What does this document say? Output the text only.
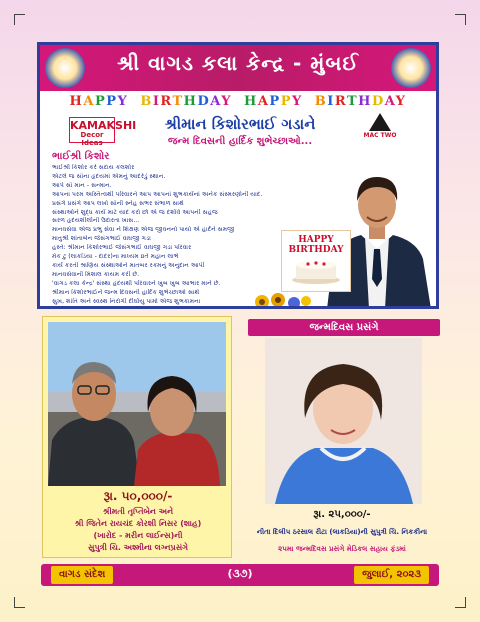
શ્રી વાગડ કલા કેન્દ્ર - મુંબઈ
HAPPY BIRTHDAY HAPPY BIRTHDAY
KAMAKSHI
Decor Ideas
શ્રીમાન કિશોરભાઈ ગડાને
MAC TWO
જન્મ દિવસની હાર્દિક શુભેચ્છાઓ...
ભાઈશ્રી કિશોર
ભાઈશ્રી કિશોર કરે સદાય કલશોર
એટલે જ સૌના હૃદયમાં એમનું આદરેડું સ્થાન.
આપે સૌ માન - સન્માન.
આપના પરમ અસ્તિત્વથી પરિવારને આપ આપનાં શુભકાર્યનાં અનેક સંસ્મરણોની યાદ.
પ્રસંગે પ્રસંગે આપ લખો સૌની સ્નેહ સભર સંભાળ સાથે
સંસ્થાઓને શુદ્ધ કાર્ય માટે યાદ કરો છો એ જ દર્શાવે આપની સહજ
સરળ હૃદયશીલીની ઉદારતા ખાસ...
માનવસેવા એજ પ્રભુ સેવા ને શિક્ષણ એજ જીવનનો પાયો એ હાર્દને સમજી
માતુશ્રી શાંતાબેન જેસંગભાઈ વાઘજી ગડા
હસ્તે: શ્રીમાન કિશોરભાઈ જેસંગભાઈ વાઘજી ગડા પરિવાર
મેક ટુ (લાકડિયા - દાદર)ના માધ્યમ વ્રતે મહાન લાભે
કાર્ય કરતી શ્રાણિય સંસ્થાઓને માતબર રકમનું અનુદાન આપી
માનવસેવાની મિશાલ કાયમ કરી છે.
'વાગડ કલા કેન્દ્ર' સંસ્થા હૃદયથી પરિવારને ખુબ ખુબ આભાર માને છે.
શ્રીમાન કિશોરભાઈને જન્મ દિવસની હાર્દિક શુભેચ્છાઓ સાથે
સુખ, શાંતિ અને સ્વસ્થ નિરોગી દીર્ઘાયુ પામો એજ શુભકામના
HAPPY
BIRTHDAY
રૂા. ૫૦,૦૦૦/-
શ્રીમતી તૃપ્તિબેન અને
શ્રી જિતેન રાયચંદ કોરશી નિસર (શાહ)
(ખારોદ - મરીન લાઈન્સ)ની
સુપુત્રી ચિ. અશ્મીના લગ્નપ્રસંગે
જન્મદિવસ પ્રસંગે
રૂા. ૨૫,૦૦૦/-
નીતા દિલીપ ઠરસાલ રીટા (લાકડિયા)ની સુપુત્રી ચિ. નિકકીના
૨૫મા જન્મદિવસ પ્રસંગે મેડિકલ સહાય ફંડમાં
(૩૭)
વાગડ સંદેશ	જુલાઈ, ૨૦૨૩
